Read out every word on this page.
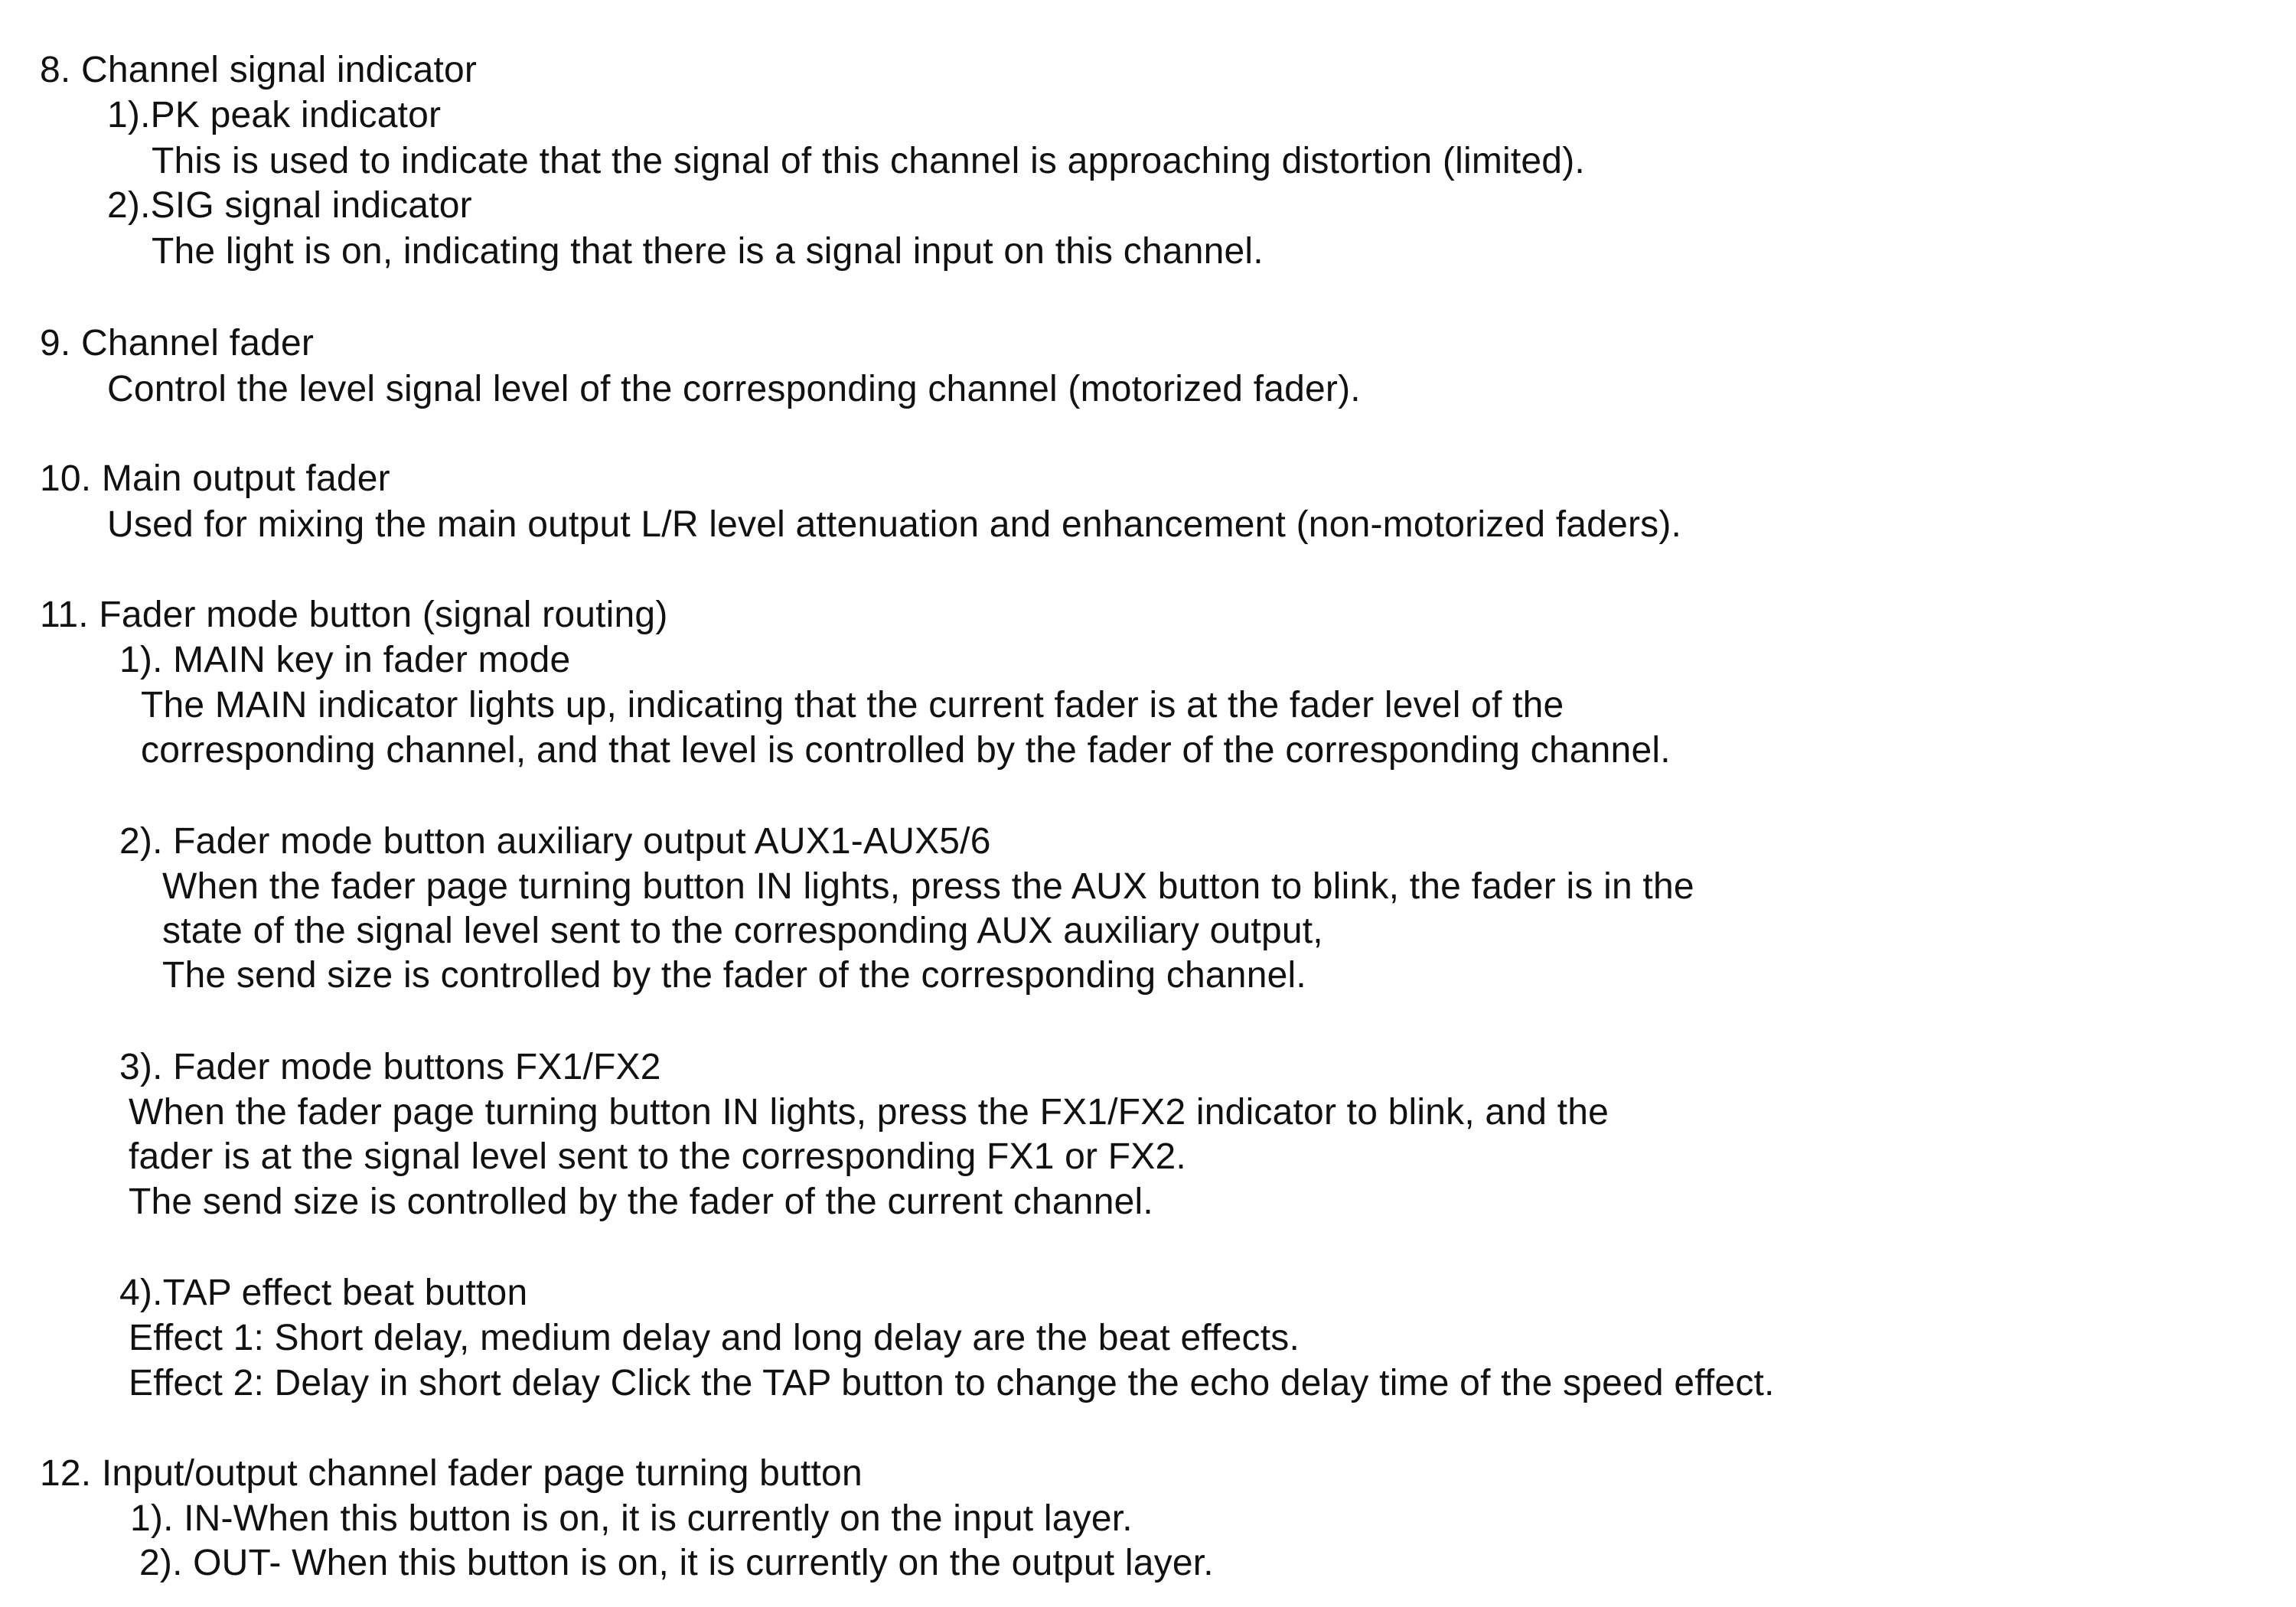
8. Channel signal indicator
1).PK peak indicator
This is used to indicate that the signal of this channel is approaching distortion (limited).
2).SIG signal indicator
The light is on, indicating that there is a signal input on this channel.
9. Channel fader
Control the level signal level of the corresponding channel (motorized fader).
10. Main output fader
Used for mixing the main output L/R level attenuation and enhancement (non-motorized faders).
11. Fader mode button (signal routing)
1). MAIN key in fader mode
The MAIN indicator lights up, indicating that the current fader is at the fader level of the
corresponding channel, and that level is controlled by the fader of the corresponding channel.
2). Fader mode button auxiliary output AUX1-AUX5/6
When the fader page turning button IN lights, press the AUX button to blink, the fader is in the
state of the signal level sent to the corresponding AUX auxiliary output,
The send size is controlled by the fader of the corresponding channel.
3). Fader mode buttons FX1/FX2
When the fader page turning button IN lights, press the FX1/FX2 indicator to blink, and the
fader is at the signal level sent to the corresponding FX1 or FX2.
The send size is controlled by the fader of the current channel.
4).TAP effect beat button
Effect 1: Short delay, medium delay and long delay are the beat effects.
Effect 2: Delay in short delay Click the TAP button to change the echo delay time of the speed effect.
12. Input/output channel fader page turning button
1). IN-When this button is on, it is currently on the input layer.
2). OUT- When this button is on, it is currently on the output layer.
